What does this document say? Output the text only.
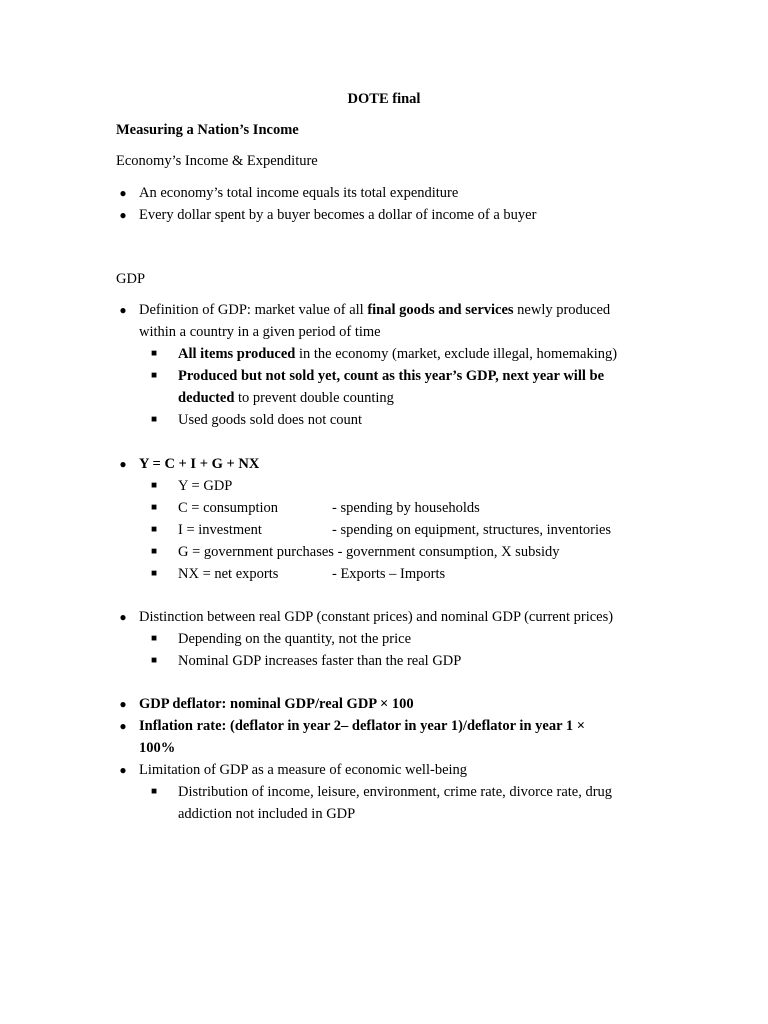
DOTE final
Measuring a Nation’s Income
Economy’s Income & Expenditure
● An economy’s total income equals its total expenditure
● Every dollar spent by a buyer becomes a dollar of income of a buyer
GDP
● Definition of GDP: market value of all final goods and services newly produced
within a country in a given period of time
■ All items produced in the economy (market, exclude illegal, homemaking)
■ Produced but not sold yet, count as this year’s GDP, next year will be
deducted to prevent double counting
■ Used goods sold does not count
● Y = C + I + G + NX
■ Y = GDP
■ C = consumption	- spending by households
■ I = investment	- spending on equipment, structures, inventories
■ G = government purchases - government consumption, X subsidy
■ NX = net exports	- Exports – Imports
● Distinction between real GDP (constant prices) and nominal GDP (current prices)
■ Depending on the quantity, not the price
■ Nominal GDP increases faster than the real GDP
● GDP deflator: nominal GDP/real GDP × 100
● Inflation rate: (deflator in year 2– deflator in year 1)/deflator in year 1 ×
100%
● Limitation of GDP as a measure of economic well-being
■ Distribution of income, leisure, environment, crime rate, divorce rate, drug
addiction not included in GDP
